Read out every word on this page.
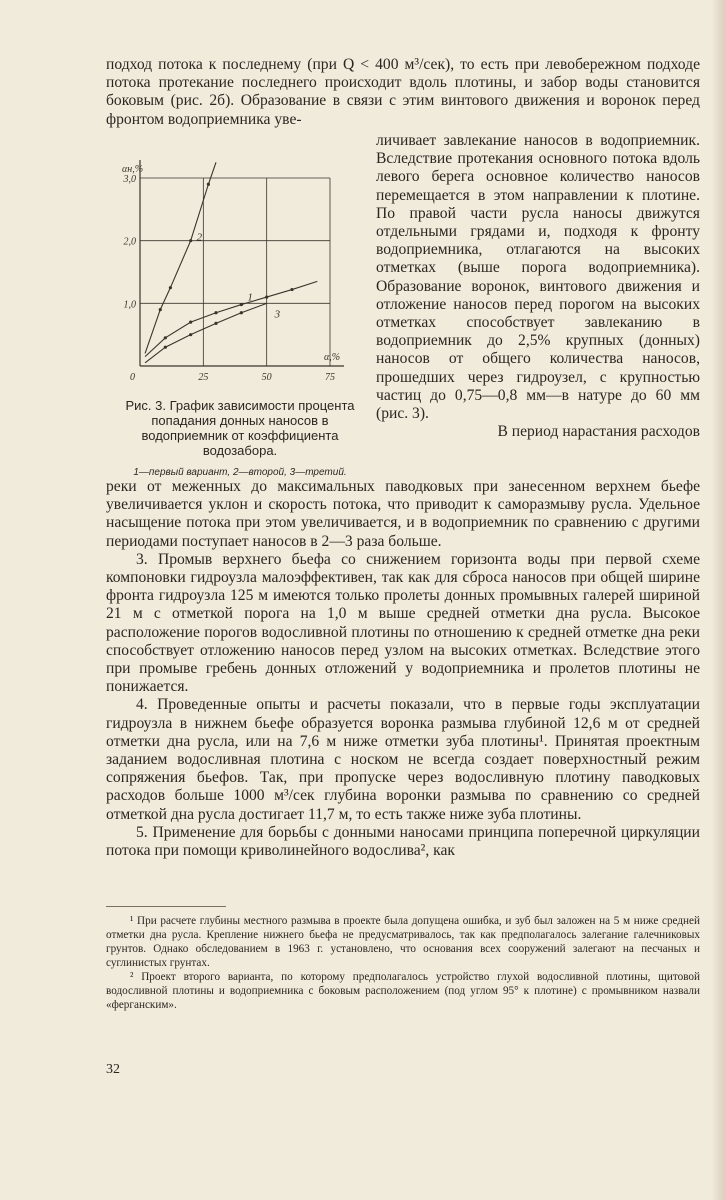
подход потока к последнему (при Q < 400 м³/сек), то есть при левобережном подходе потока протекание последнего происходит вдоль плотины, и забор воды становится боковым (рис. 2б). Образование в связи с этим винтового движения и воронок перед фронтом водоприемника уве-

3,0
2,0
1,0
25	50	75
0
αн,%
α,%
1
2
3

Рис. 3. График зависимости процента попадания донных наносов в водоприемник от коэффициента водозабора.

1—первый вариант, 2—второй, 3—третий.

личивает завлекание наносов в водоприемник. Вследствие протекания основного потока вдоль левого берега основное количество наносов перемещается в этом направлении к плотине. По правой части русла наносы движутся отдельными грядами и, подходя к фронту водоприемника, отлагаются на высоких отметках (выше порога водоприемника). Образование воронок, винтового движения и отложение наносов перед порогом на высоких отметках способствует завлеканию в водоприемник до 2,5% крупных (донных) наносов от общего количества наносов, прошедших через гидроузел, с крупностью частиц до 0,75—0,8 мм—в натуре до 60 мм (рис. 3).

В период нарастания расходов

реки от меженных до максимальных паводковых при занесенном верхнем бьефе увеличивается уклон и скорость потока, что приводит к саморазмыву русла. Удельное насыщение потока при этом увеличивается, и в водоприемник по сравнению с другими периодами поступает наносов в 2—3 раза больше.

3. Промыв верхнего бьефа со снижением горизонта воды при первой схеме компоновки гидроузла малоэффективен, так как для сброса наносов при общей ширине фронта гидроузла 125 м имеются только пролеты донных промывных галерей шириной 21 м с отметкой порога на 1,0 м выше средней отметки дна русла. Высокое расположение порогов водосливной плотины по отношению к средней отметке дна реки способствует отложению наносов перед узлом на высоких отметках. Вследствие этого при промыве гребень донных отложений у водоприемника и пролетов плотины не понижается.

4. Проведенные опыты и расчеты показали, что в первые годы эксплуатации гидроузла в нижнем бьефе образуется воронка размыва глубиной 12,6 м от средней отметки дна русла, или на 7,6 м ниже отметки зуба плотины¹. Принятая проектным заданием водосливная плотина с носком не всегда создает поверхностный режим сопряжения бьефов. Так, при пропуске через водосливную плотину паводковых расходов больше 1000 м³/сек глубина воронки размыва по сравнению со средней отметкой дна русла достигает 11,7 м, то есть также ниже зуба плотины.

5. Применение для борьбы с донными наносами принципа поперечной циркуляции потока при помощи криволинейного водослива², как

¹ При расчете глубины местного размыва в проекте была допущена ошибка, и зуб был заложен на 5 м ниже средней отметки дна русла. Крепление нижнего бьефа не предусматривалось, так как предполагалось залегание галечниковых грунтов. Однако обследованием в 1963 г. установлено, что основания всех сооружений залегают на песчаных и суглинистых грунтах.

² Проект второго варианта, по которому предполагалось устройство глухой водосливной плотины, щитовой водосливной плотины и водоприемника с боковым расположением (под углом 95° к плотине) с промывником назвали «ферганским».

32
